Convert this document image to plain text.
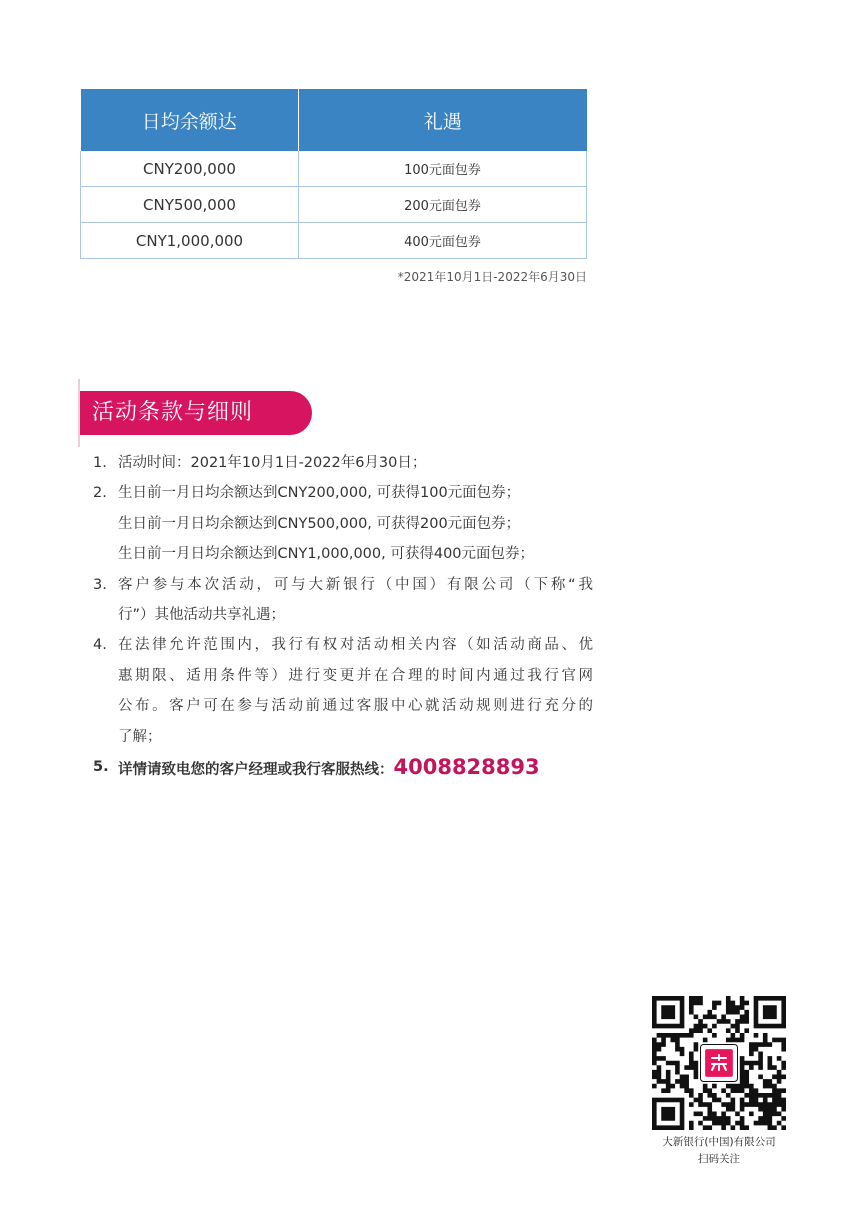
日均余额达	礼遇
CNY200,000	100元面包券
CNY500,000	200元面包券
CNY1,000,000	400元面包券
*2021年10月1日-2022年6月30日
活动条款与细则
1. 活动时间：2021年10月1日-2022年6月30日；
2. 生日前一月日均余额达到CNY200,000, 可获得100元面包券；
生日前一月日均余额达到CNY500,000, 可获得200元面包券；
生日前一月日均余额达到CNY1,000,000, 可获得400元面包券；
3. 客户参与本次活动，可与大新银行（中国）有限公司（下称“我
行”）其他活动共享礼遇；
4. 在法律允许范围内，我行有权对活动相关内容（如活动商品、优
惠期限、适用条件等）进行变更并在合理的时间内通过我行官网
公布。客户可在参与活动前通过客服中心就活动规则进行充分的
了解；
5. 详情请致电您的客户经理或我行客服热线：4008828893
大新银行(中国)有限公司
扫码关注
